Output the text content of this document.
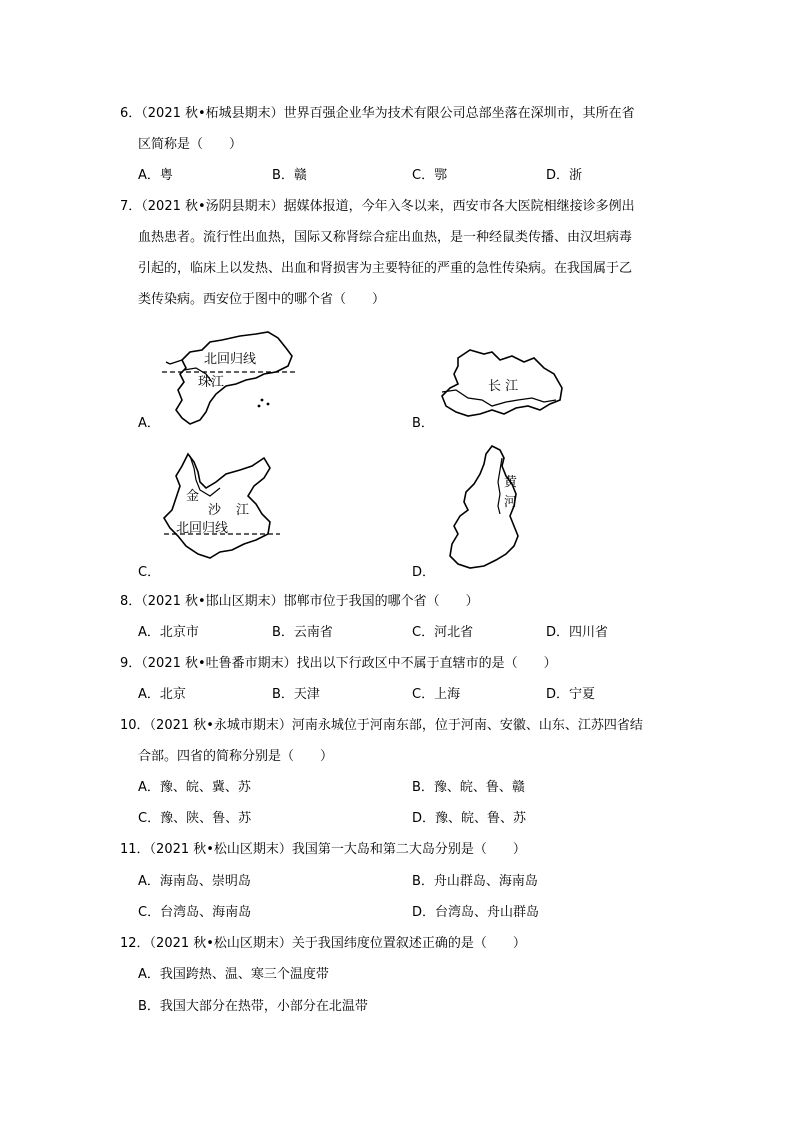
6．（2021 秋•柘城县期末）世界百强企业华为技术有限公司总部坐落在深圳市，其所在省
区简称是（　　）
A．粤	B．赣	C．鄂	D．浙
7．（2021 秋•汤阴县期末）据媒体报道，今年入冬以来，西安市各大医院相继接诊多例出
血热患者。流行性出血热，国际又称肾综合症出血热，是一种经鼠类传播、由汉坦病毒
引起的，临床上以发热、出血和肾损害为主要特征的严重的急性传染病。在我国属于乙
类传染病。西安位于图中的哪个省（　　）
A．
北回归线
珠江
B．
长 江
C．
金
沙 江
北回归线
D．
黄
河
8．（2021 秋•邯山区期末）邯郸市位于我国的哪个省（　　）
A．北京市	B．云南省	C．河北省	D．四川省
9．（2021 秋•吐鲁番市期末）找出以下行政区中不属于直辖市的是（　　）
A．北京	B．天津	C．上海	D．宁夏
10．（2021 秋•永城市期末）河南永城位于河南东部，位于河南、安徽、山东、江苏四省结
合部。四省的简称分别是（　　）
A．豫、皖、冀、苏	B．豫、皖、鲁、赣
C．豫、陕、鲁、苏	D．豫、皖、鲁、苏
11．（2021 秋•松山区期末）我国第一大岛和第二大岛分别是（　　）
A．海南岛、崇明岛	B．舟山群岛、海南岛
C．台湾岛、海南岛	D．台湾岛、舟山群岛
12．（2021 秋•松山区期末）关于我国纬度位置叙述正确的是（　　）
A．我国跨热、温、寒三个温度带
B．我国大部分在热带，小部分在北温带
